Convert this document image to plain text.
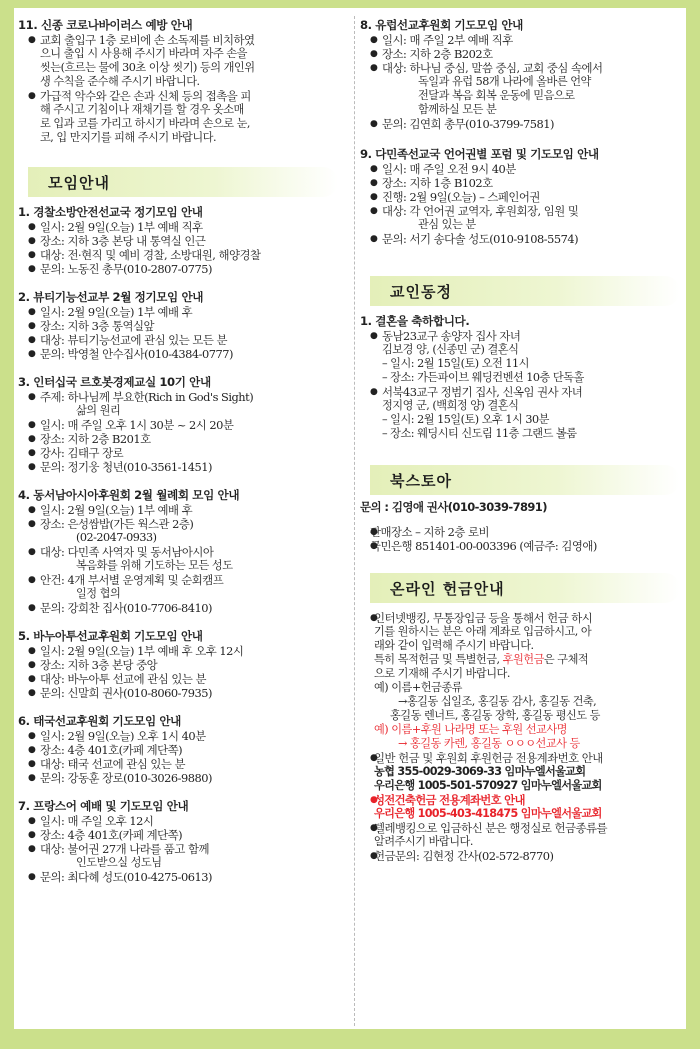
11. 신종 코로나바이러스 예방 안내

● 교회 출입구 1층 로비에 손 소독제를 비치하였

으니 출입 시 사용해 주시기 바라며 자주 손을

씻는(흐르는 물에 30초 이상 씻기) 등의 개인위

생 수칙을 준수해 주시기 바랍니다.

● 가급적 악수와 같은 손과 신체 등의 접촉을 피

해 주시고 기침이나 재채기를 할 경우 옷소매

로 입과 코를 가리고 하시기 바라며 손으로 눈,

코, 입 만지기를 피해 주시기 바랍니다.

모임안내

1. 경찰소방안전선교국 정기모임 안내

● 일시: 2월 9일(오늘) 1부 예배 직후

● 장소: 지하 3층 본당 내 통역실 인근

● 대상: 전·현직 및 예비 경찰, 소방대원, 해양경찰

● 문의: 노동진 총무(010-2807-0775)

2. 뷰티기능선교부 2월 정기모임 안내

● 일시: 2월 9일(오늘) 1부 예배 후

● 장소: 지하 3층 통역실앞

● 대상: 뷰티기능선교에 관심 있는 모든 분

● 문의: 박영철 안수집사(010-4384-0777)

3. 인터십국 르호봇경제교실 10기 안내

● 주제: 하나님께 부요한(Rich in God's Sight)

삶의 원리

● 일시: 매 주일 오후 1시 30분 ~ 2시 20분

● 장소: 지하 2층 B201호

● 강사: 김태구 장로

● 문의: 정기웅 청년(010-3561-1451)

4. 동서남아시아후원회 2월 월례회 모임 안내

● 일시: 2월 9일(오늘) 1부 예배 후

● 장소: 은성쌈밥(가든 웍스관 2층)

(02-2047-0933)

● 대상: 다민족 사역자 및 동서남아시아

복음화를 위해 기도하는 모든 성도

● 안건: 4개 부서별 운영계획 및 순회캠프

일정 협의

● 문의: 강희찬 집사(010-7706-8410)

5. 바누아투선교후원회 기도모임 안내

● 일시: 2월 9일(오늘) 1부 예배 후 오후 12시

● 장소: 지하 3층 본당 중앙

● 대상: 바누아투 선교에 관심 있는 분

● 문의: 신말희 권사(010-8060-7935)

6. 태국선교후원회 기도모임 안내

● 일시: 2월 9일(오늘) 오후 1시 40분

● 장소: 4층 401호(카페 계단쪽)

● 대상: 태국 선교에 관심 있는 분

● 문의: 강동훈 장로(010-3026-9880)

7. 프랑스어 예배 및 기도모임 안내

● 일시: 매 주일 오후 12시

● 장소: 4층 401호(카페 계단쪽)

● 대상: 불어권 27개 나라를 품고 함께

인도받으실 성도님

● 문의: 최다혜 성도(010-4275-0613)

8. 유럽선교후원회 기도모임 안내

● 일시: 매 주일 2부 예배 직후

● 장소: 지하 2층 B202호

● 대상: 하나님 중심, 말씀 중심, 교회 중심 속에서

독일과 유럽 58개 나라에 올바른 언약

전달과 복음 회복 운동에 믿음으로

함께하실 모든 분

● 문의: 김연희 총무(010-3799-7581)

9. 다민족선교국 언어권별 포럼 및 기도모임 안내

● 일시: 매 주일 오전 9시 40분

● 장소: 지하 1층 B102호

● 진행: 2월 9일(오늘) – 스페인어권

● 대상: 각 언어권 교역자, 후원회장, 임원 및

관심 있는 분

● 문의: 서기 송다솔 성도(010-9108-5574)

교인동정

1. 결혼을 축하합니다.

● 동남23교구 송양자 집사 자녀

김보경 양, (신종민 군) 결혼식

– 일시: 2월 15일(토) 오전 11시

– 장소: 가든파이브 웨딩컨벤션 10층 단독홀

● 서북43교구 정범기 집사, 신옥임 권사 자녀

정지영 군, (백희정 양) 결혼식

– 일시: 2월 15일(토) 오후 1시 30분

– 장소: 웨딩시티 신도림 11층 그랜드 볼룸

북스토아

문의 : 김영애 권사(010-3039-7891)

● 판매장소 – 지하 2층 로비

● 국민은행 851401-00-003396 (예금주: 김영애)

온라인 헌금안내

● 인터넷뱅킹, 무통장입금 등을 통해서 헌금 하시

기를 원하시는 분은 아래 계좌로 입금하시고, 아

래와 같이 입력해 주시기 바랍니다.

특히 목적헌금 및 특별헌금, 후원헌금은 구체적

으로 기재해 주시기 바랍니다.

예) 이름+헌금종류

→홍길동 십일조, 홍길동 감사, 홍길동 건축,

홍길동 렌너트, 홍길동 장학, 홍길동 평신도 등

예) 이름+후원 나라명 또는 후원 선교사명

→ 홍길동 카렌, 홍길동 ㅇㅇㅇ선교사 등

● 일반 헌금 및 후원회 후원헌금 전용계좌번호 안내

농협 355-0029-3069-33 임마누엘서울교회

우리은행 1005-501-570927 임마누엘서울교회

● 성전건축헌금 전용계좌번호 안내

우리은행 1005-403-418475 임마누엘서울교회

● 텔레뱅킹으로 입금하신 분은 행정실로 헌금종류를

알려주시기 바랍니다.

● 헌금문의: 김현정 간사(02-572-8770)
